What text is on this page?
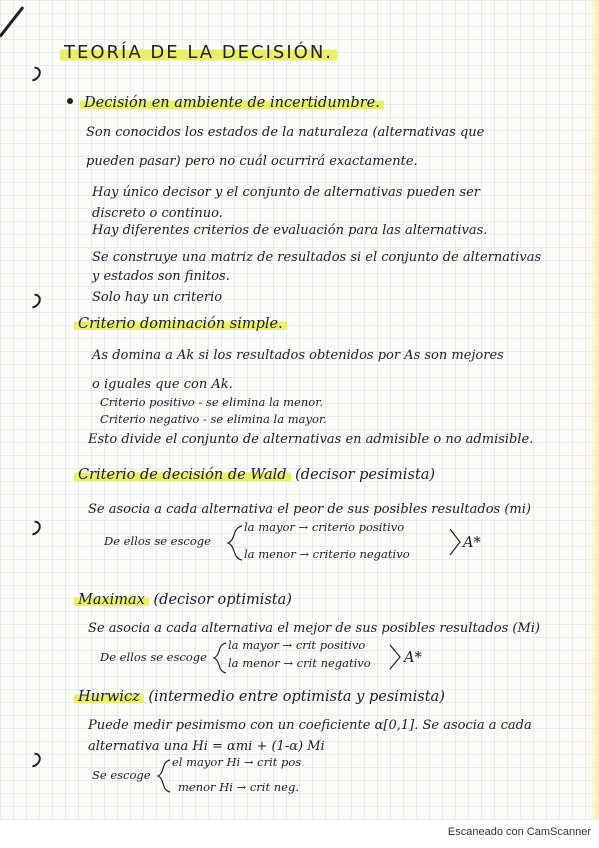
TEORÍA DE LA DECISIÓN.
Decisión en ambiente de incertidumbre.
Son conocidos los estados de la naturaleza (alternativas que
pueden pasar) pero no cuál ocurrirá exactamente.
Hay único decisor y el conjunto de alternativas pueden ser
discreto o continuo.
Hay diferentes criterios de evaluación para las alternativas.
Se construye una matriz de resultados si el conjunto de alternativas
y estados son finitos.
Solo hay un criterio
Criterio dominación simple.
As domina a Ak si los resultados obtenidos por As son mejores
o iguales que con Ak.
Criterio positivo - se elimina la menor.
Criterio negativo - se elimina la mayor.
Esto divide el conjunto de alternativas en admisible o no admisible.
Criterio de decisión de Wald (decisor pesimista)
Se asocia a cada alternativa el peor de sus posibles resultados (mi)
De ellos se escoge
la mayor → criterio positivo
la menor → criterio negativo
A*
Maximax (decisor optimista)
Se asocia a cada alternativa el mejor de sus posibles resultados (Mi)
De ellos se escoge
la mayor → crit positivo
la menor → crit negativo A*
Hurwicz (intermedio entre optimista y pesimista)
Puede medir pesimismo con un coeficiente α[0,1]. Se asocia a cada
alternativa una Hi = αmi + (1-α) Mi
Se escoge
el mayor Hi → crit pos
menor Hi → crit neg.
Escaneado con CamScanner
